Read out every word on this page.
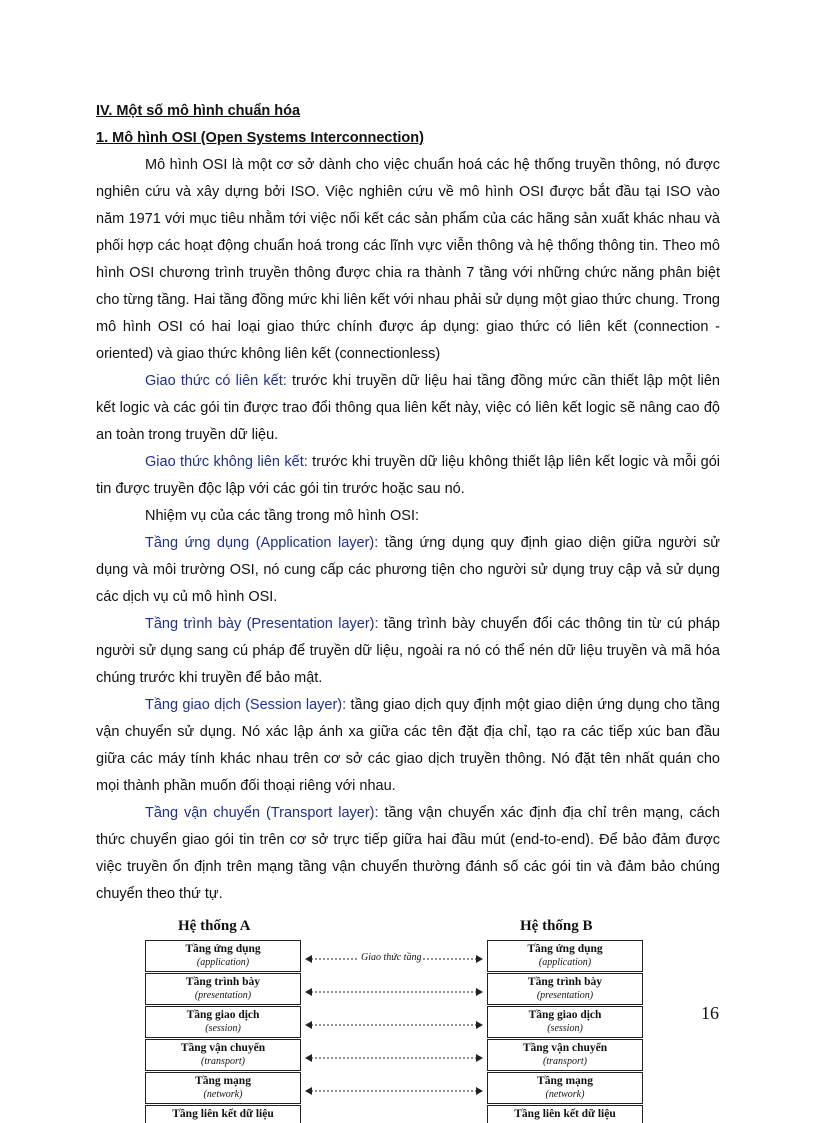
IV. Một số mô hình chuẩn hóa
1. Mô hình OSI (Open Systems Interconnection)

Mô hình OSI là một cơ sở dành cho việc chuẩn hoá các hệ thống truyền thông, nó được nghiên cứu và xây dựng bởi ISO. Việc nghiên cứu về mô hình OSI được bắt đầu tại ISO vào năm 1971 với mục tiêu nhằm tới việc nối kết các sản phẩm của các hãng sản xuất khác nhau và phối hợp các hoạt động chuẩn hoá trong các lĩnh vực viễn thông và hệ thống thông tin. Theo mô hình OSI chương trình truyền thông được chia ra thành 7 tầng với những chức năng phân biệt cho từng tầng. Hai tầng đồng mức khi liên kết với nhau phải sử dụng một giao thức chung. Trong mô hình OSI có hai loại giao thức chính được áp dụng: giao thức có liên kết (connection - oriented) và giao thức không liên kết (connectionless)

Giao thức có liên kết: trước khi truyền dữ liệu hai tầng đồng mức cần thiết lập một liên kết logic và các gói tin được trao đổi thông qua liên kết này, việc có liên kết logic sẽ nâng cao độ an toàn trong truyền dữ liệu.

Giao thức không liên kết: trước khi truyền dữ liệu không thiết lập liên kết logic và mỗi gói tin được truyền độc lập với các gói tin trước hoặc sau nó.

Nhiệm vụ của các tầng trong mô hình OSI:

Tầng ứng dụng (Application layer): tầng ứng dụng quy định giao diện giữa người sử dụng và môi trường OSI, nó cung cấp các phương tiện cho người sử dụng truy cập vả sử dụng các dịch vụ củ mô hình OSI.

Tầng trình bày (Presentation layer): tầng trình bày chuyển đổi các thông tin từ cú pháp người sử dụng sang cú pháp để truyền dữ liệu, ngoài ra nó có thể nén dữ liệu truyền và mã hóa chúng trước khi truyền để bảo mật.

Tầng giao dịch (Session layer): tầng giao dịch quy định một giao diện ứng dụng cho tầng vận chuyển sử dụng. Nó xác lập ánh xa giữa các tên đặt địa chỉ, tạo ra các tiếp xúc ban đầu giữa các máy tính khác nhau trên cơ sở các giao dịch truyền thông. Nó đặt tên nhất quán cho mọi thành phần muốn đối thoại riêng với nhau.

Tầng vận chuyển (Transport layer): tầng vận chuyển xác định địa chỉ trên mạng, cách thức chuyển giao gói tin trên cơ sở trực tiếp giữa hai đầu mút (end-to-end). Để bảo đảm được việc truyền ổn định trên mạng tầng vận chuyển thường đánh số các gói tin và đảm bảo chúng chuyển theo thứ tự.

Hệ thống A	Hệ thống B
Tầng ứng dụng
(application)
Tầng trình bày
(presentation)
Tầng giao dịch
(session)
Tầng vận chuyển
(transport)
Tầng mạng
(network)
Tầng liên kết dữ liệu
Tầng ứng dụng
(application)
Tầng trình bày
(presentation)
Tầng giao dịch
(session)
Tầng vận chuyển
(transport)
Tầng mạng
(network)
Tầng liên kết dữ liệu
Giao thức tầng
16
